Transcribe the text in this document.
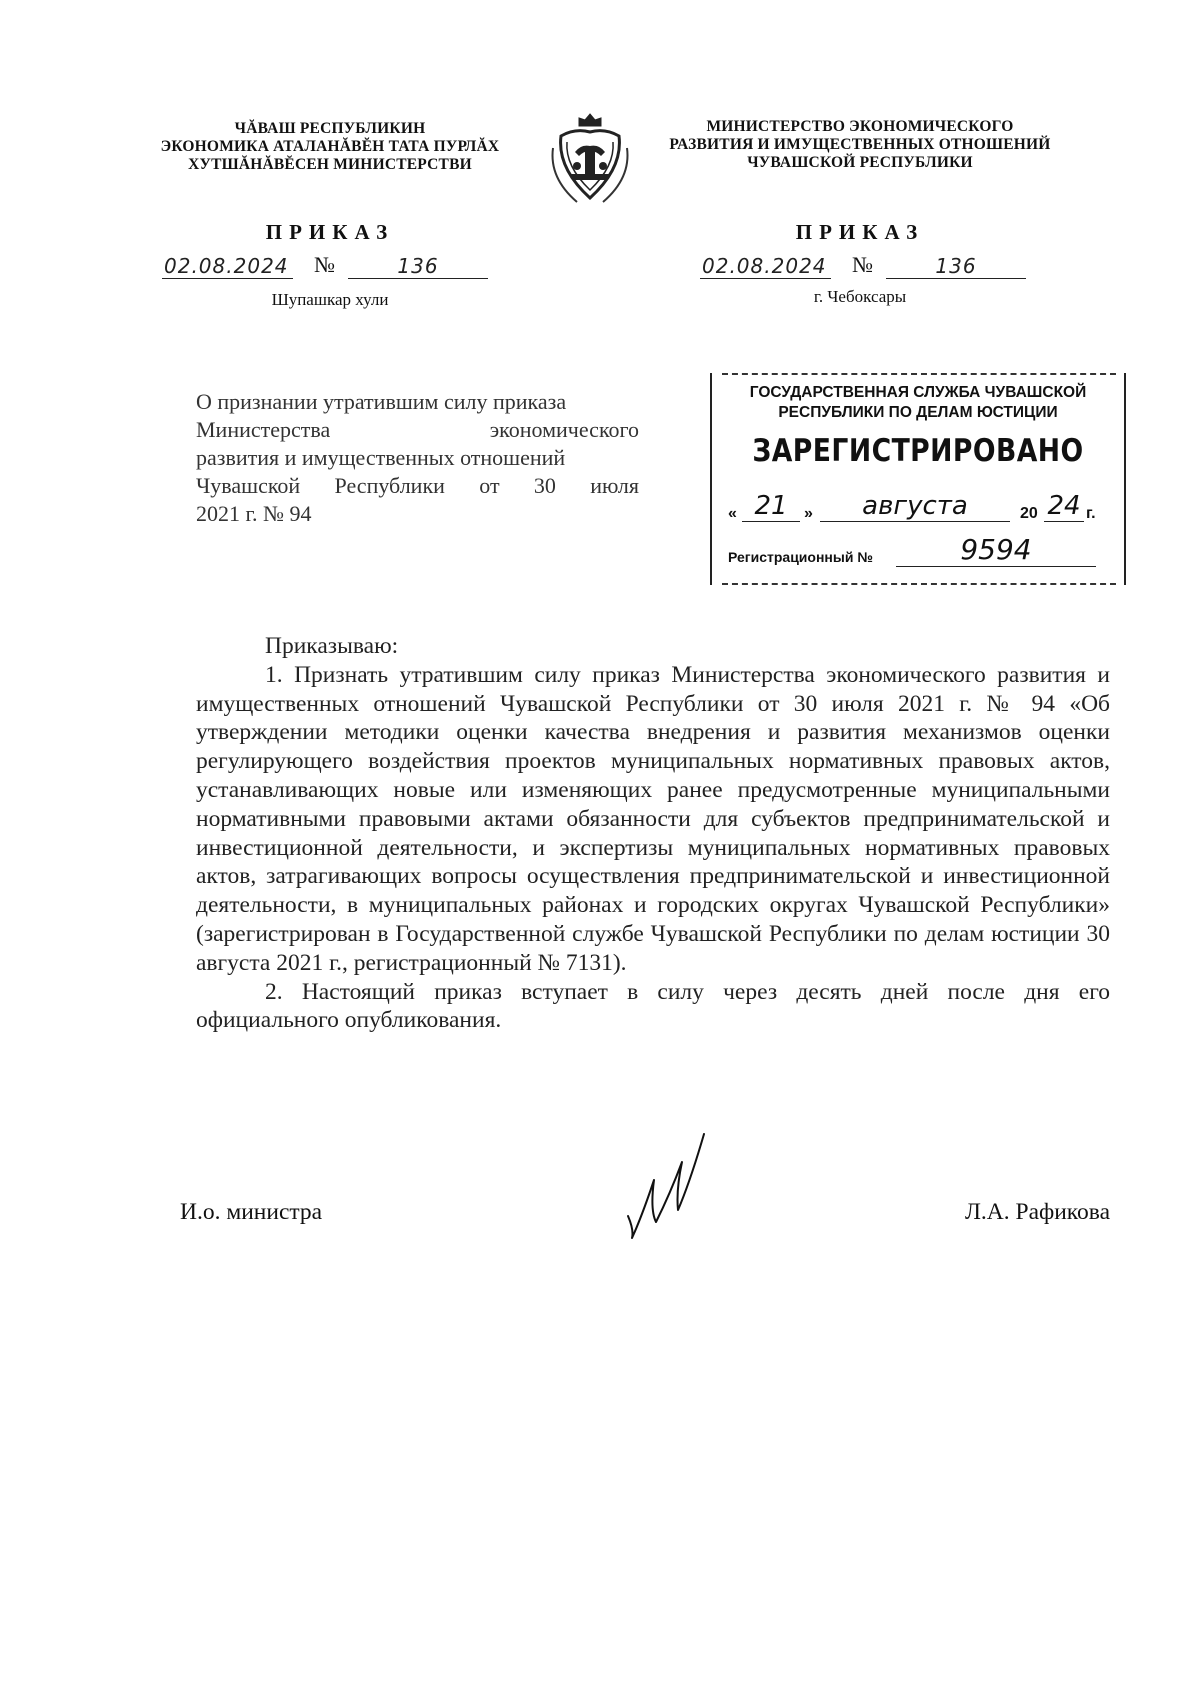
ЧĂВАШ РЕСПУБЛИКИН
ЭКОНОМИКА АТАЛАНĂВĔН ТАТА ПУРЛĂХ
ХУТШĂНĂВĔСЕН МИНИСТЕРСТВИ
МИНИСТЕРСТВО ЭКОНОМИЧЕСКОГО
РАЗВИТИЯ И ИМУЩЕСТВЕННЫХ ОТНОШЕНИЙ
ЧУВАШСКОЙ РЕСПУБЛИКИ
ПРИКАЗ	ПРИКАЗ
02.08.2024 №	136	02.08.2024 №	136
Шупашкар хули	г. Чебоксары
О признании утратившим силу приказа
Министерства экономического
развития и имущественных отношений
Чувашской Республики от 30 июля
2021 г. № 94
ГОСУДАРСТВЕННАЯ СЛУЖБА ЧУВАШСКОЙ
РЕСПУБЛИКИ ПО ДЕЛАМ ЮСТИЦИИ
ЗАРЕГИСТРИРОВАНО
« 21	»	августа	20 24 г.
Регистрационный №	9594

Приказываю:

1. Признать утратившим силу приказ Министерства экономического развития и имущественных отношений Чувашской Республики от 30 июля 2021 г. № 94 «Об утверждении методики оценки качества внедрения и развития механизмов оценки регулирующего воздействия проектов муниципальных нормативных правовых актов, устанавливающих новые или изменяющих ранее предусмотренные муниципальными нормативными правовыми актами обязанности для субъектов предпринимательской и инвестиционной деятельности, и экспертизы муниципальных нормативных правовых актов, затрагивающих вопросы осуществления предпринимательской и инвестиционной деятельности, в муниципальных районах и городских округах Чувашской Республики» (зарегистрирован в Государственной службе Чувашской Республики по делам юстиции 30 августа 2021 г., регистрационный № 7131).

2. Настоящий приказ вступает в силу через десять дней после дня его официального опубликования.

И.о. министра	Л.А. Рафикова
